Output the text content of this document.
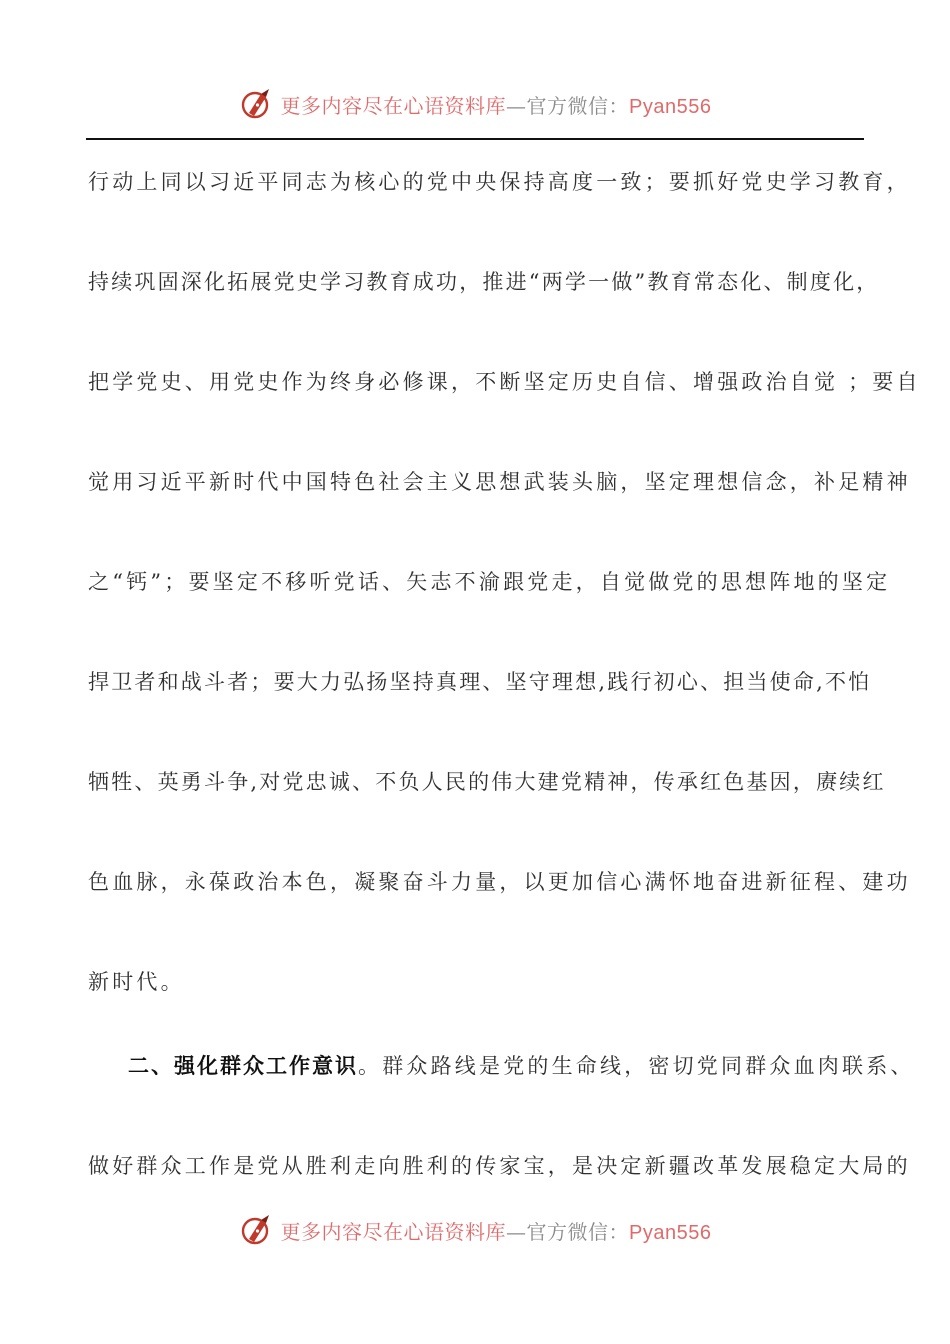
更多内容尽在心语资料库—官方微信：Pyan556
行动上同以习近平同志为核心的党中央保持高度一致；要抓好党史学习教育，
持续巩固深化拓展党史学习教育成功，推进“两学一做”教育常态化、制度化，
把学党史、用党史作为终身必修课，不断坚定历史自信、增强政治自觉 ；要自
觉用习近平新时代中国特色社会主义思想武装头脑，坚定理想信念，补足精神
之“钙”；要坚定不移听党话、矢志不渝跟党走，自觉做党的思想阵地的坚定
捍卫者和战斗者；要大力弘扬坚持真理、坚守理想,践行初心、担当使命,不怕
牺牲、英勇斗争,对党忠诚、不负人民的伟大建党精神，传承红色基因，赓续红
色血脉，永葆政治本色，凝聚奋斗力量，以更加信心满怀地奋进新征程、建功
新时代。
二、强化群众工作意识。群众路线是党的生命线，密切党同群众血肉联系、
做好群众工作是党从胜利走向胜利的传家宝，是决定新疆改革发展稳定大局的
更多内容尽在心语资料库—官方微信：Pyan556
